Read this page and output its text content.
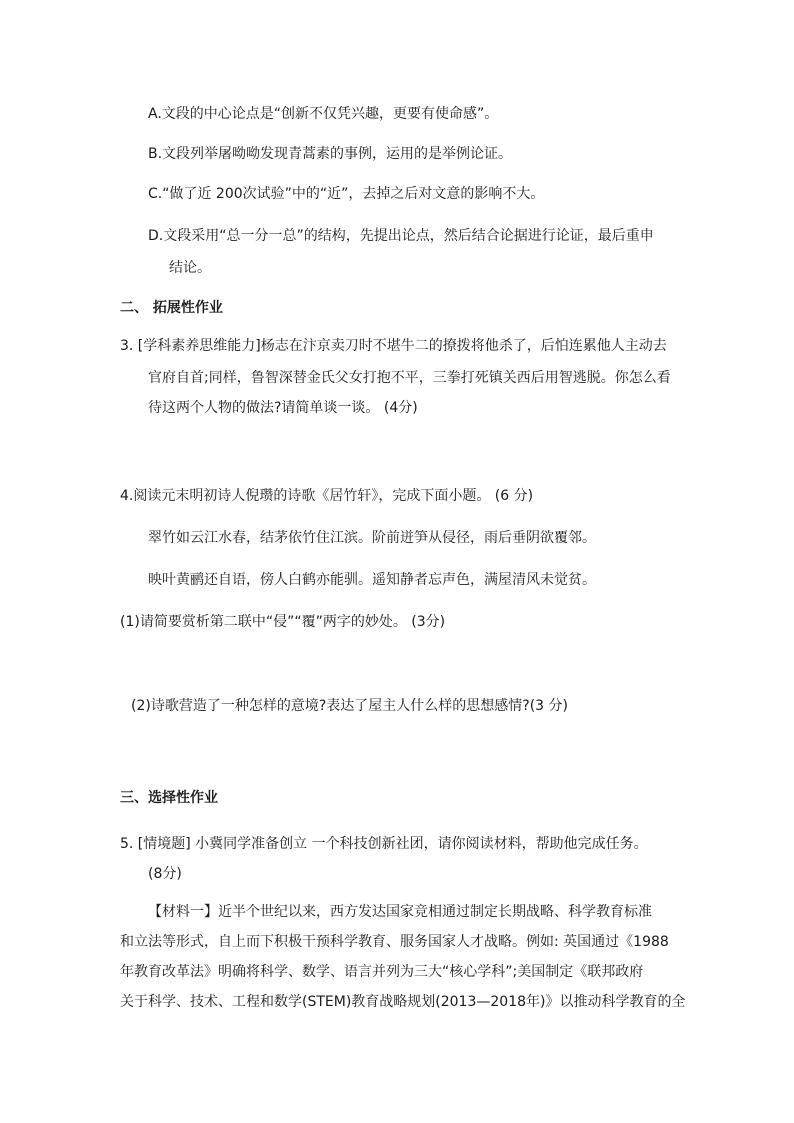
A.文段的中心论点是“创新不仅凭兴趣，更要有使命感”。
B.文段列举屠呦呦发现青蒿素的事例，运用的是举例论证。
C.“做了近 200次试验”中的“近”，去掉之后对文意的影响不大。
D.文段采用“总一分一总”的结构，先提出论点，然后结合论据进行论证，最后重申
结论。
二、 拓展性作业
3. [学科素养思维能力]杨志在汴京卖刀时不堪牛二的撩拨将他杀了，后怕连累他人主动去
官府自首;同样，鲁智深替金氏父女打抱不平，三拳打死镇关西后用智逃脱。你怎么看
待这两个人物的做法?请简单谈一谈。 (4分)
4.阅读元末明初诗人倪瓒的诗歌《居竹轩》，完成下面小题。 (6 分)
翠竹如云江水春，结茅依竹住江滨。阶前迸笋从侵径，雨后垂阴欲覆邻。
映叶黄鹂还自语，傍人白鹤亦能驯。遥知静者忘声色，满屋清风未觉贫。
(1)请简要赏析第二联中“侵”“覆”两字的妙处。 (3分)
(2)诗歌营造了一种怎样的意境?表达了屋主人什么样的思想感情?(3 分)
三、选择性作业
5. [情境题] 小冀同学准备创立 一个科技创新社团，请你阅读材料，帮助他完成任务。
(8分)
【材料一】近半个世纪以来，西方发达国家竞相通过制定长期战略、科学教育标准
和立法等形式，自上而下积极干预科学教育、服务国家人才战略。例如: 英国通过《1988
年教育改革法》明确将科学、数学、语言并列为三大“核心学科”;美国制定《联邦政府
关于科学、技术、工程和数学(STEM)教育战略规划(2013—2018年)》以推动科学教育的全
